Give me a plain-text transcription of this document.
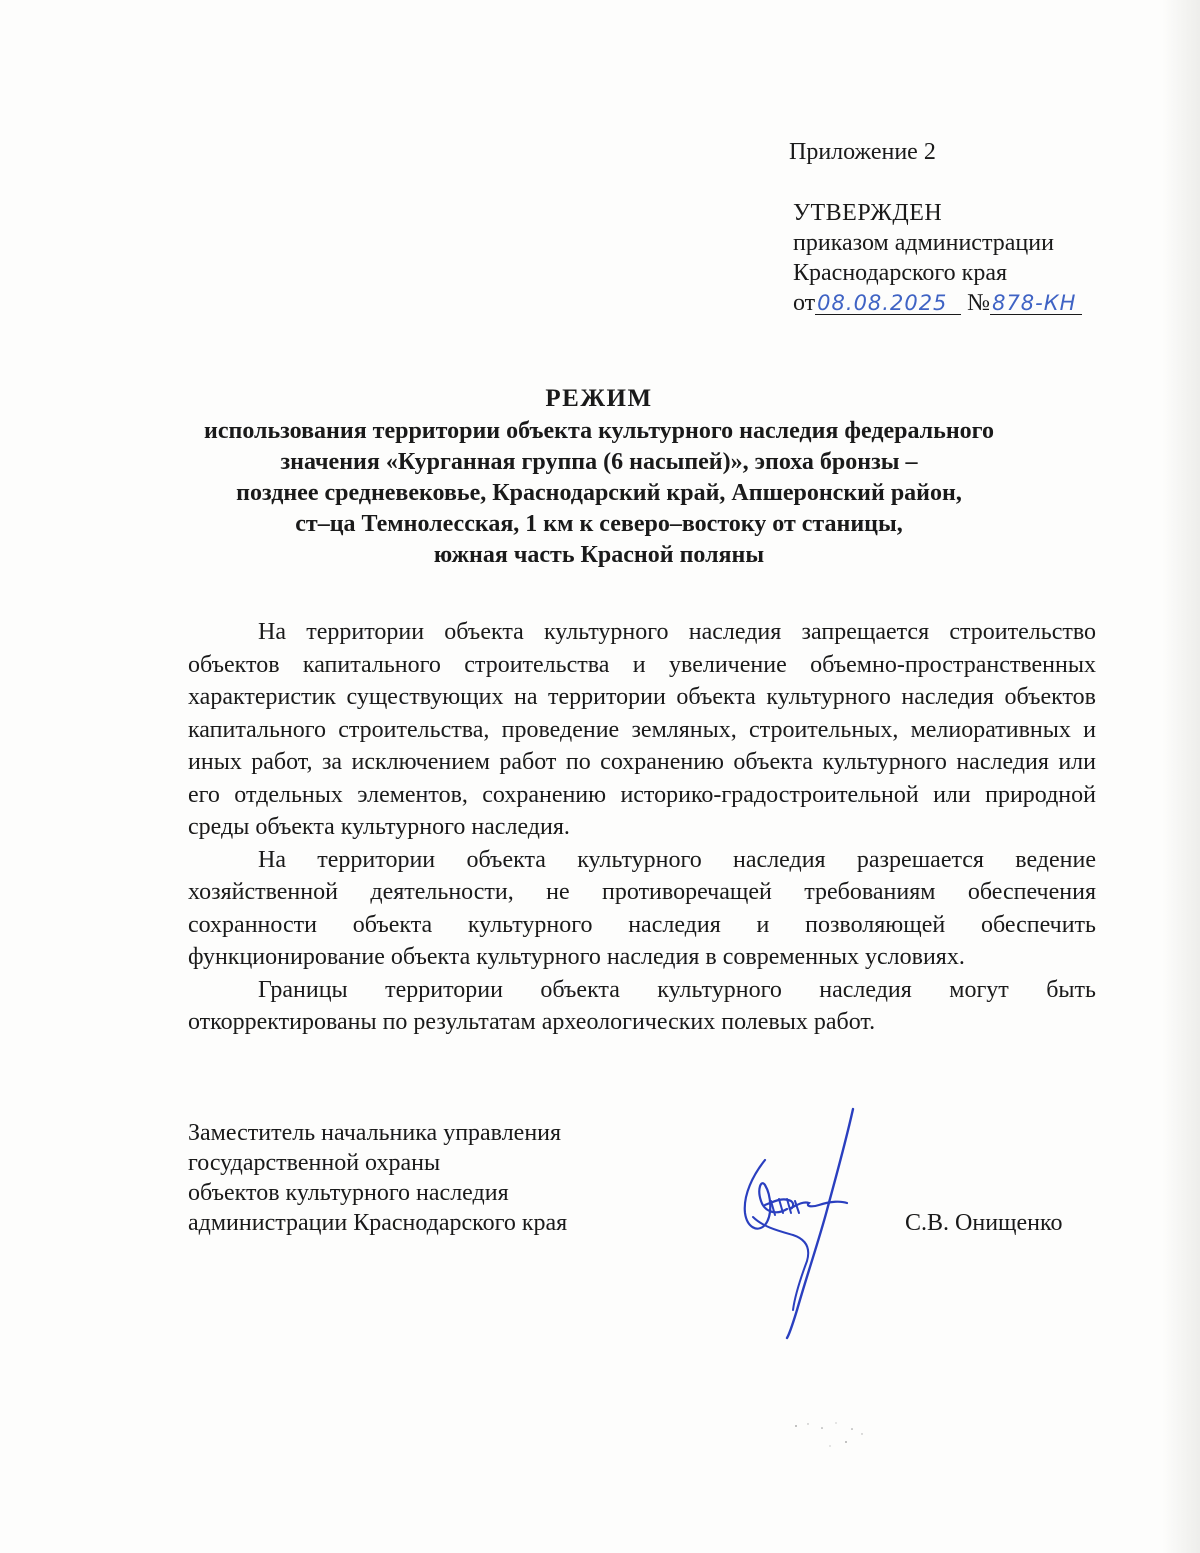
Приложение 2
УТВЕРЖДЕН
приказом администрации
Краснодарского края
от08.08.2025 №878-КН
РЕЖИМ
использования территории объекта культурного наследия федерального
значения «Курганная группа (6 насыпей)», эпоха бронзы –
позднее средневековье, Краснодарский край, Апшеронский район,
ст–ца Темнолесская, 1 км к северо–востоку от станицы,
южная часть Красной поляны

На территории объекта культурного наследия запрещается строительство объектов капитального строительства и увеличение объемно-пространственных характеристик существующих на территории объекта культурного наследия объектов капитального строительства, проведение земляных, строительных, мелиоративных и иных работ, за исключением работ по сохранению объекта культурного наследия или его отдельных элементов, сохранению историко-градостроительной или природной среды объекта культурного наследия.

На территории объекта культурного наследия разрешается ведение хозяйственной деятельности, не противоречащей требованиям обеспечения сохранности объекта культурного наследия и позволяющей обеспечить функционирование объекта культурного наследия в современных условиях.

Границы территории объекта культурного наследия могут быть откорректированы по результатам археологических полевых работ.

Заместитель начальника управления
государственной охраны
объектов культурного наследия
администрации Краснодарского края	С.В. Онищенко
